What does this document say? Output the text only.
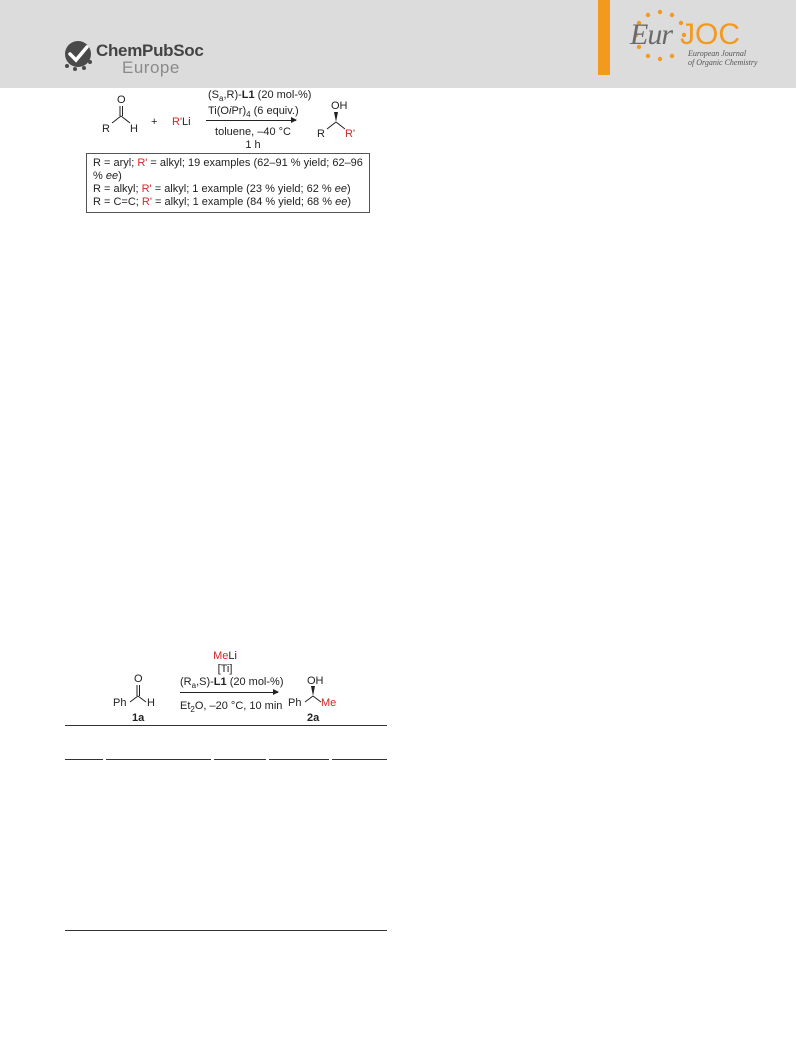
ChemPubSoc
Europe
Eur JOC
European Journal
of Organic Chemistry
O
R H
+ R'Li
$(S_a,R)-L1$ (20 mol-%)
$Ti(OiPr)_4$ (6 equiv.)
toluene, –40 °C
1 h
OH
R R'
R = aryl; R' = alkyl; 19 examples (62–91 % yield; 62–96 % ee)
R = alkyl; R' = alkyl; 1 example (23 % yield; 62 % ee)
R = C=C; R' = alkyl; 1 example (84 % yield; 68 % ee)
O
Ph H
1a
MeLi
[Ti]
$(R_a,S)-L1$ (20 mol-%)
$Et_2O$, –20 °C, 10 min
OH
Ph Me
2a
